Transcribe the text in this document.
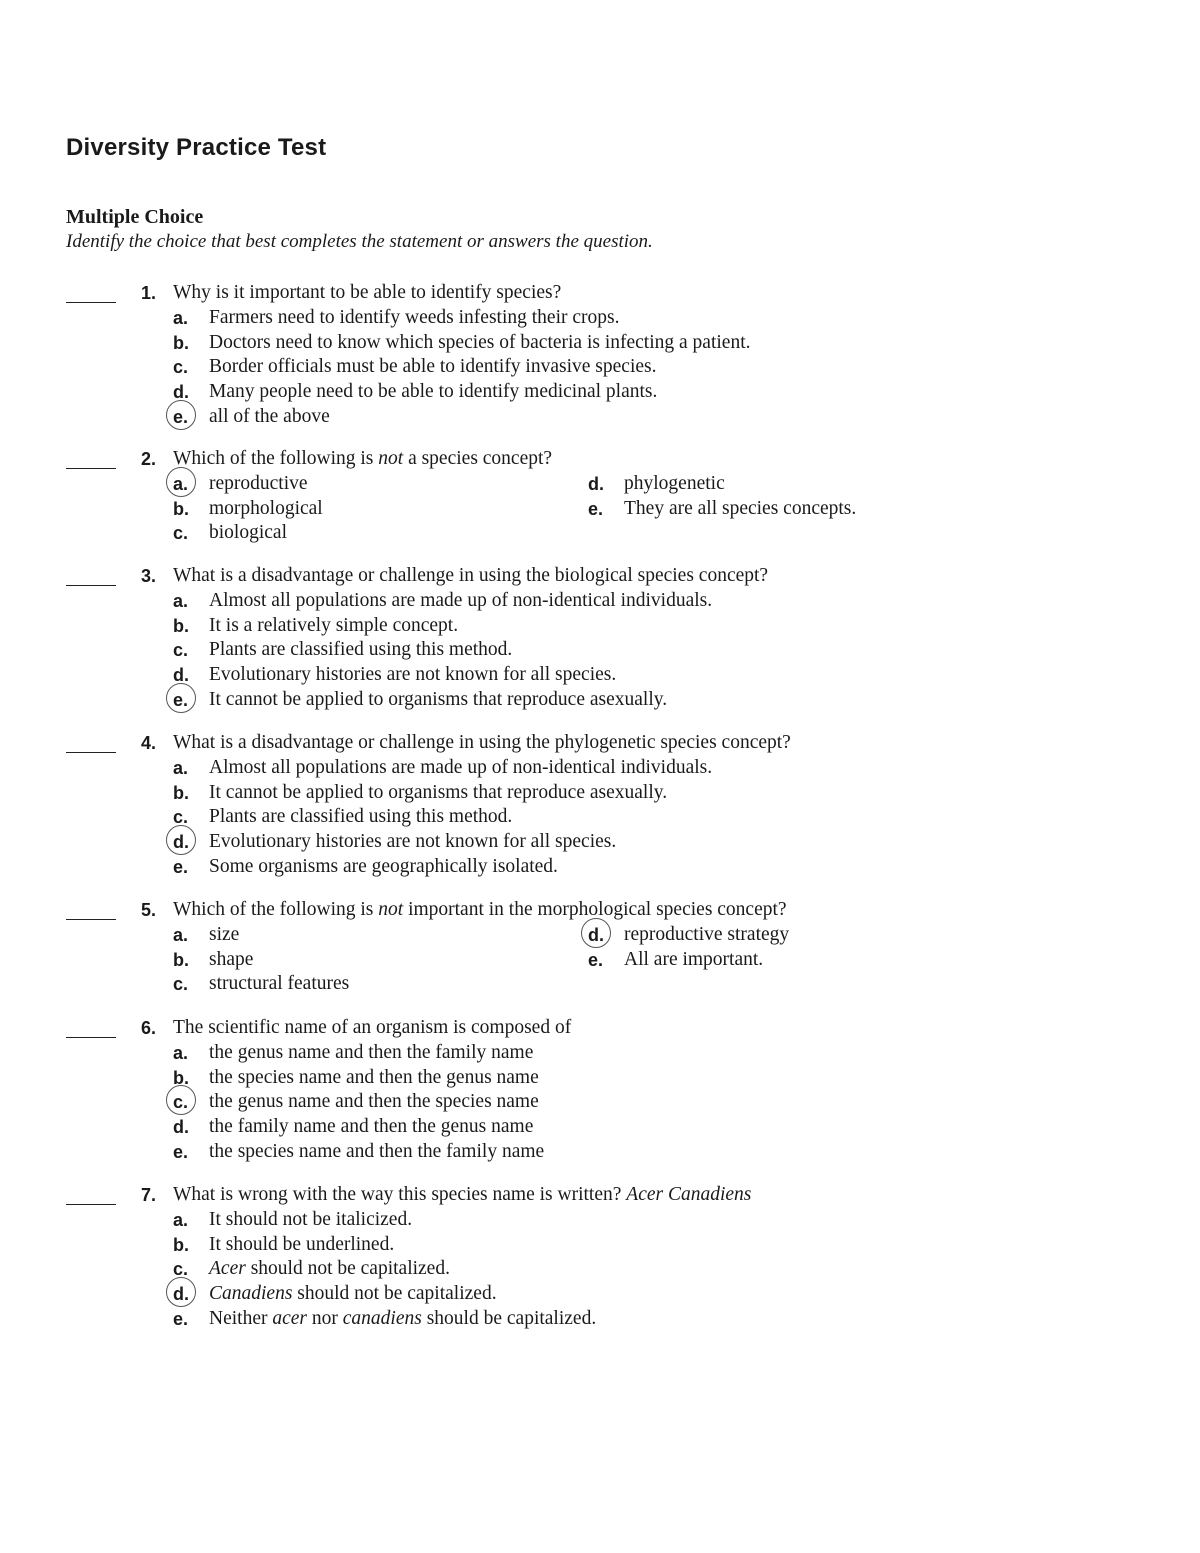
Diversity Practice Test
Multiple Choice
Identify the choice that best completes the statement or answers the question.
1. Why is it important to be able to identify species?
a. Farmers need to identify weeds infesting their crops.
b. Doctors need to know which species of bacteria is infecting a patient.
c. Border officials must be able to identify invasive species.
d. Many people need to be able to identify medicinal plants.
e. all of the above
2. Which of the following is not a species concept?
a. reproductive
b. morphological
c. biological
d. phylogenetic
e. They are all species concepts.
3. What is a disadvantage or challenge in using the biological species concept?
a. Almost all populations are made up of non-identical individuals.
b. It is a relatively simple concept.
c. Plants are classified using this method.
d. Evolutionary histories are not known for all species.
e. It cannot be applied to organisms that reproduce asexually.
4. What is a disadvantage or challenge in using the phylogenetic species concept?
a. Almost all populations are made up of non-identical individuals.
b. It cannot be applied to organisms that reproduce asexually.
c. Plants are classified using this method.
d. Evolutionary histories are not known for all species.
e. Some organisms are geographically isolated.
5. Which of the following is not important in the morphological species concept?
a. size
b. shape
c. structural features
d. reproductive strategy
e. All are important.
6. The scientific name of an organism is composed of
a. the genus name and then the family name
b. the species name and then the genus name
c. the genus name and then the species name
d. the family name and then the genus name
e. the species name and then the family name
7. What is wrong with the way this species name is written? Acer Canadiens
a. It should not be italicized.
b. It should be underlined.
c. Acer should not be capitalized.
d. Canadiens should not be capitalized.
e. Neither acer nor canadiens should be capitalized.
